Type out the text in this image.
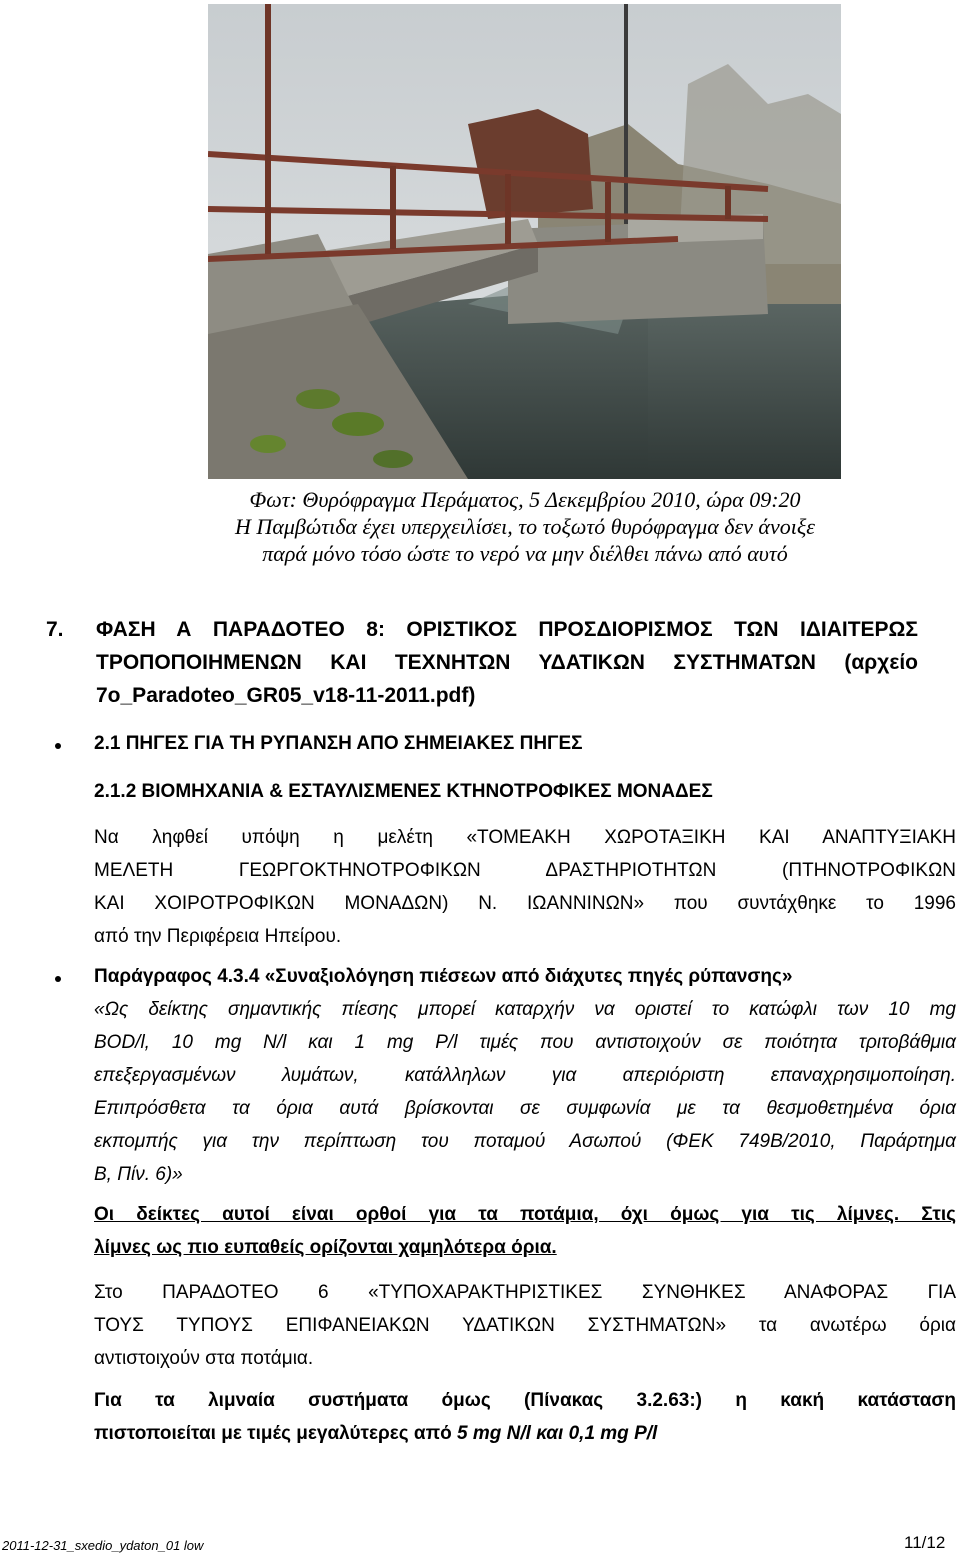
Φωτ: Θυρόφραγμα Περάματος, 5 Δεκεμβρίου 2010, ώρα 09:20
Η Παμβώτιδα έχει υπερχειλίσει, το τοξωτό θυρόφραγμα δεν άνοιξε
παρά μόνο τόσο ώστε το νερό να μην διέλθει πάνω από αυτό
7. ΦΑΣΗ Α ΠΑΡΑΔΟΤΕΟ 8: ΟΡΙΣΤΙΚΟΣ ΠΡΟΣΔΙΟΡΙΣΜΟΣ ΤΩΝ ΙΔΙΑΙΤΕΡΩΣ
ΤΡΟΠΟΠΟΙΗΜΕΝΩΝ ΚΑΙ ΤΕΧΝΗΤΩΝ ΥΔΑΤΙΚΩΝ ΣΥΣΤΗΜΑΤΩΝ (αρχείο
7o_Paradoteo_GR05_v18-11-2011.pdf)
2.1 ΠΗΓΕΣ ΓΙΑ ΤΗ ΡΥΠΑΝΣΗ ΑΠΟ ΣΗΜΕΙΑΚΕΣ ΠΗΓΕΣ
2.1.2 ΒΙΟΜΗΧΑΝΙΑ & ΕΣΤΑΥΛΙΣΜΕΝΕΣ ΚΤΗΝΟΤΡΟΦΙΚΕΣ ΜΟΝΑΔΕΣ
Να ληφθεί υπόψη η μελέτη «ΤΟΜΕΑΚΗ ΧΩΡΟΤΑΞΙΚΗ ΚΑΙ ΑΝΑΠΤΥΞΙΑΚΗ
ΜΕΛΕΤΗ ΓΕΩΡΓΟΚΤΗΝΟΤΡΟΦΙΚΩΝ ΔΡΑΣΤΗΡΙΟΤΗΤΩΝ (ΠΤΗΝΟΤΡΟΦΙΚΩΝ
ΚΑΙ ΧΟΙΡΟΤΡΟΦΙΚΩΝ ΜΟΝΑΔΩΝ) Ν. ΙΩΑΝΝΙΝΩΝ» που συντάχθηκε το 1996
από την Περιφέρεια Ηπείρου.
Παράγραφος 4.3.4 «Συναξιολόγηση πιέσεων από διάχυτες πηγές ρύπανσης»
«Ως δείκτης σημαντικής πίεσης μπορεί καταρχήν να οριστεί το κατώφλι των 10 mg
BOD/l, 10 mg N/l και 1 mg P/l τιμές που αντιστοιχούν σε ποιότητα τριτοβάθμια
επεξεργασμένων λυμάτων, κατάλληλων για απεριόριστη επαναχρησιμοποίηση.
Επιπρόσθετα τα όρια αυτά βρίσκονται σε συμφωνία με τα θεσμοθετημένα όρια
εκπομπής για την περίπτωση του ποταμού Ασωπού (ΦΕΚ 749Β/2010, Παράρτημα
Β, Πίν. 6)»
Οι δείκτες αυτοί είναι ορθοί για τα ποτάμια, όχι όμως για τις λίμνες. Στις
λίμνες ως πιο ευπαθείς ορίζονται χαμηλότερα όρια.
Στο ΠΑΡΑΔΟΤΕΟ 6 «ΤΥΠΟΧΑΡΑΚΤΗΡΙΣΤΙΚΕΣ ΣΥΝΘΗΚΕΣ ΑΝΑΦΟΡΑΣ ΓΙΑ
ΤΟΥΣ ΤΥΠΟΥΣ ΕΠΙΦΑΝΕΙΑΚΩΝ ΥΔΑΤΙΚΩΝ ΣΥΣΤΗΜΑΤΩΝ» τα ανωτέρω όρια
αντιστοιχούν στα ποτάμια.
Για τα λιμναία συστήματα όμως (Πίνακας 3.2.63:) η κακή κατάσταση
πιστοποιείται με τιμές μεγαλύτερες από 5 mg N/l και 0,1 mg P/l
2011-12-31_sxedio_ydaton_01 low	11/12
